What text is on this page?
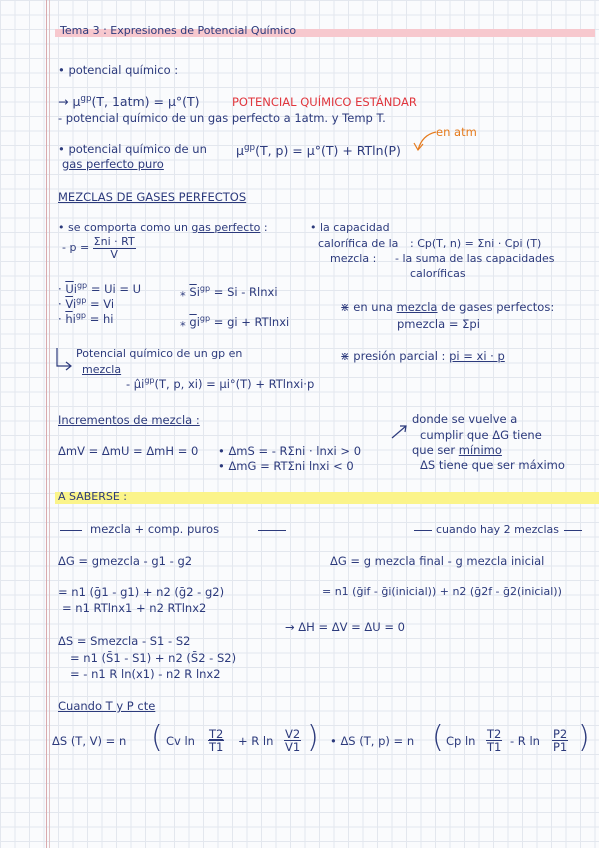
Tema 3 : Expresiones de Potencial Químico
• potencial químico :
→ $\mu^{gp}(T$, 1atm) = μ°(T)	POTENCIAL QUÍMICO ESTÁNDAR
- potencial químico de un gas perfecto a 1atm. y Temp T.
en atm
• potencial químico de un
gas perfecto puro
$\mu^{gp}(T$, p) = μ°(T) + RTln(P)
MEZCLAS DE GASES PERFECTOS
• se comporta como un gas perfecto :
- $p = \frac{\text{Σni · RT}}{V}$
• la capacidad
calorífica de la
mezcla :
: Cp(T, n) = Σni · Cpi (T)
- la suma de las capacidades
caloríficas
· $\overline{U}i^{gp} = Ui = U$
· $\overline{V}i^{gp} = Vi$
· $\overline{h}i^{gp}$ = hi
⁎ $\overline{S}i^{gp} = Si$ - Rlnxi
⁎ $\overline{g}i^{gp}$ = gi + RTlnxi
⋇ en una mezcla de gases perfectos:
pmezcla = Σpi
Potencial químico de un gp en
mezcla
- $\mûi^{gp}(T$, p, xi) = μi°(T) + RTlnxi·p
⋇ presión parcial : pi = xi · p
Incrementos de mezcla :
ΔmV = ΔmU = ΔmH = 0 • ΔmS = - RΣni · lnxi > 0
• ΔmG = RTΣni lnxi < 0
donde se vuelve a
cumplir que ΔG tiene
que ser mínimo
ΔS tiene que ser máximo
A SABERSE :
mezcla + comp. puros	cuando hay 2 mezclas
ΔG = gmezcla - g1 - g2	ΔG = g mezcla final - g mezcla inicial
= n1 (ḡ1 - g1) + n2 (ḡ2 - g2)
= n1 RTlnx1 + n2 RTlnx2
= n1 (ḡif - ḡi(inicial)) + n2 (ḡ2f - ḡ2(inicial))
→ ΔH = ΔV = ΔU = 0
ΔS = Smezcla - S1 - S2
= n1 (S̄1 - S1) + n2 (S̄2 - S2)
= - n1 R ln(x1) - n2 R lnx2
Cuando T y P cte
ΔS (T, V) = n ( Cv $\ln \frac{T2}{T1} + R$ $\ln \frac{V2}{V1}$ ) • ΔS (T, p) = n ( Cp $\ln \frac{T2}{T1}$ - R $\ln \frac{P2}{P1}$ )
